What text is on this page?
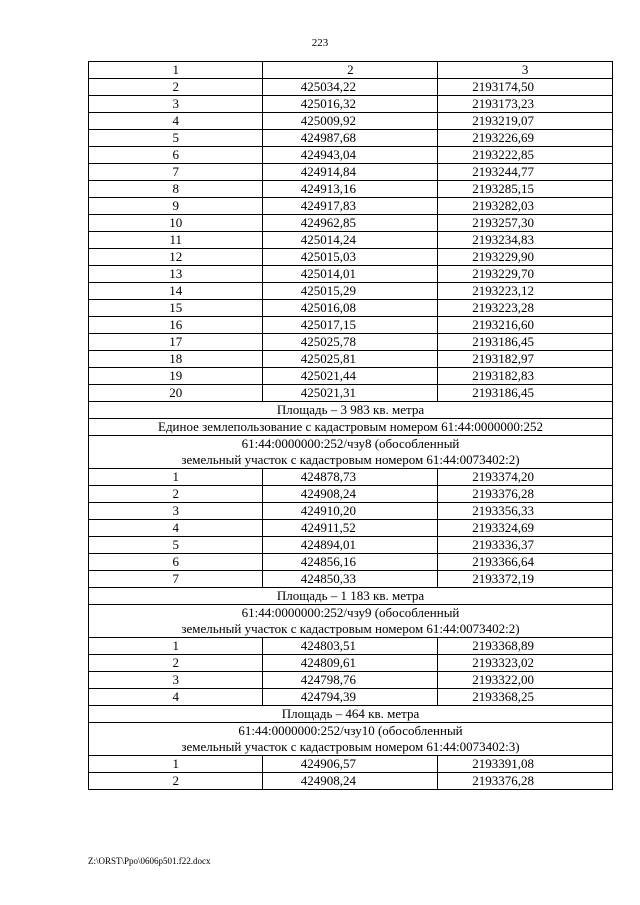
223
1	2	3
2	425034,22	2193174,50
3	425016,32	2193173,23
4	425009,92	2193219,07
5	424987,68	2193226,69
6	424943,04	2193222,85
7	424914,84	2193244,77
8	424913,16	2193285,15
9	424917,83	2193282,03
10	424962,85	2193257,30
11	425014,24	2193234,83
12	425015,03	2193229,90
13	425014,01	2193229,70
14	425015,29	2193223,12
15	425016,08	2193223,28
16	425017,15	2193216,60
17	425025,78	2193186,45
18	425025,81	2193182,97
19	425021,44	2193182,83
20	425021,31	2193186,45
Площадь – 3 983 кв. метра		
Единое землепользование с кадастровым номером 61:44:0000000:252		

61:44:0000000:252/чзу8 (обособленный
земельный участок с кадастровым номером 61:44:0073402:2)		

1	424878,73	2193374,20
2	424908,24	2193376,28
3	424910,20	2193356,33
4	424911,52	2193324,69
5	424894,01	2193336,37
6	424856,16	2193366,64
7	424850,33	2193372,19
Площадь – 1 183 кв. метра		

61:44:0000000:252/чзу9 (обособленный
земельный участок с кадастровым номером 61:44:0073402:2)		

1	424803,51	2193368,89
2	424809,61	2193323,02
3	424798,76	2193322,00
4	424794,39	2193368,25
Площадь – 464 кв. метра		

61:44:0000000:252/чзу10 (обособленный
земельный участок с кадастровым номером 61:44:0073402:3)		

1	424906,57	2193391,08
2	424908,24	2193376,28
Z:\ORST\Ppo\0606p501.f22.docx
